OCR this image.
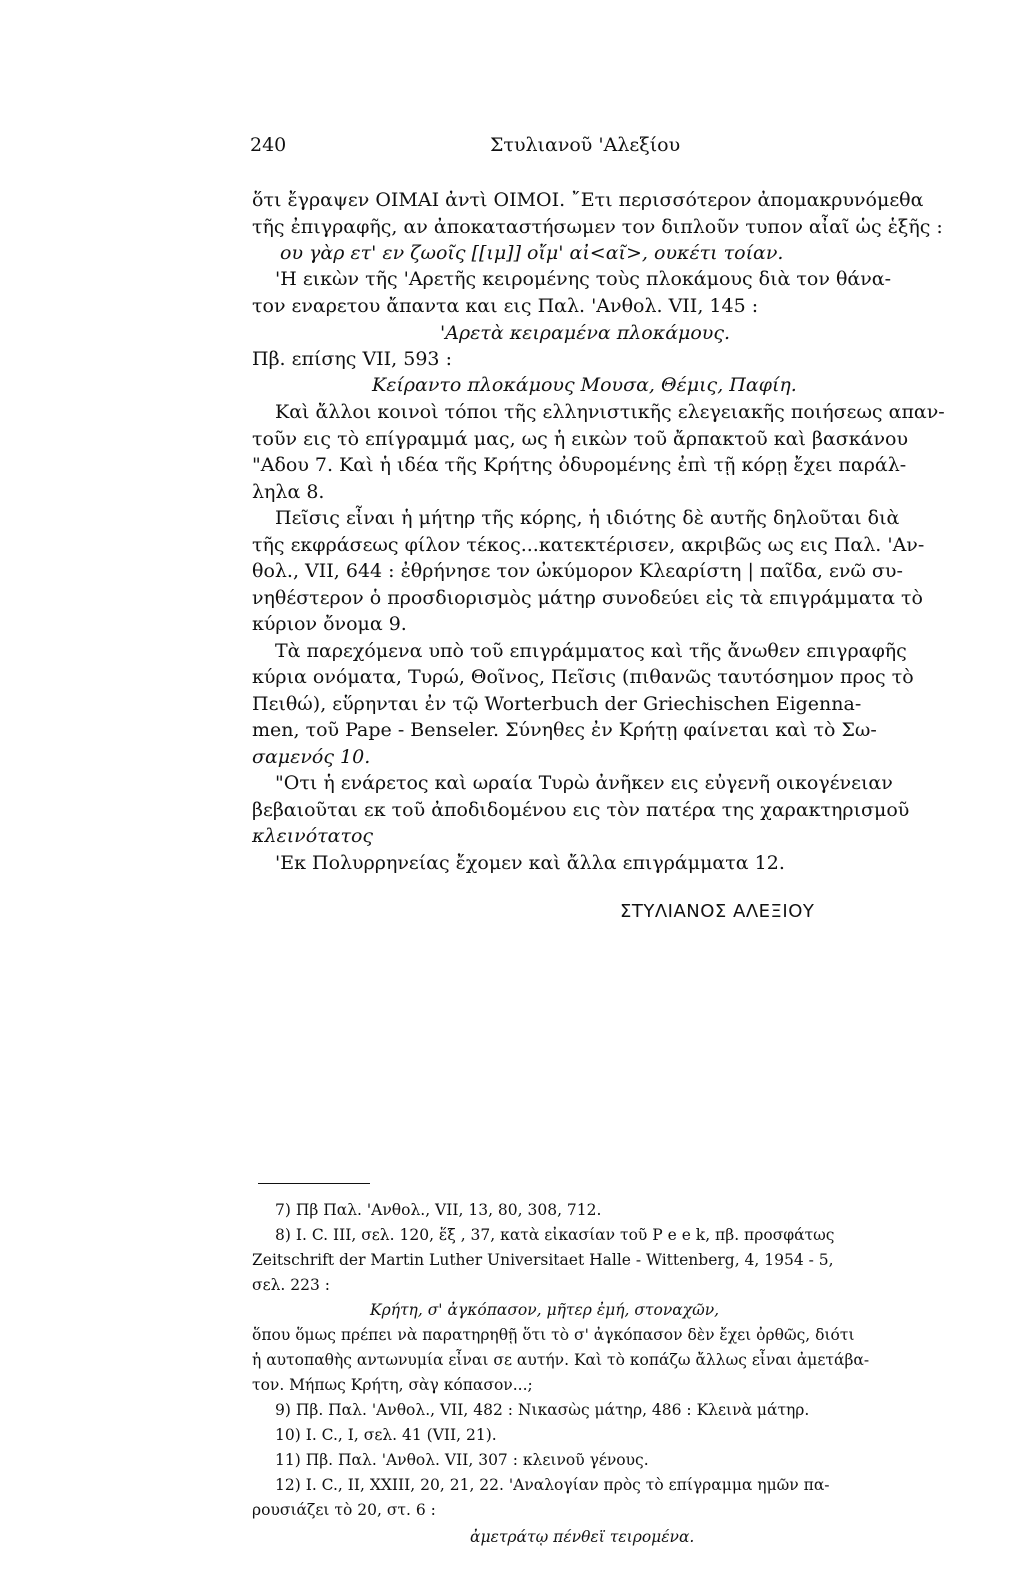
240	Στυλιανοῦ 'Αλεξίου
ὅτι ἔγραψεν ΟΙΜΑΙ ἀντὶ ΟΙΜΟΙ. ῎Ετι περισσότερον ἀπομακρυνόμεθα
τῆς ἐπιγραφῆς, αν ἀποκαταστήσωμεν τον διπλοῦν τυπον αἶαῖ ὡς ἑξῆς :
ου γὰρ ετ' εν ζωοῖς [[ιμ]] οἴμ' αἰ<αῖ>, ουκέτι τοίαν.
'Η εικὼν τῆς 'Αρετῆς κειρομένης τοὺς πλοκάμους διὰ τον θάνα-
τον εναρετου ἄπαντα και εις Παλ. 'Ανθολ. VII, 145 :
'Αρετὰ κειραμένα πλοκάμους.
Πβ. επίσης VII, 593 :
Κείραντο πλοκάμους Μουσα, Θέμις, Παφίη.
Καὶ ἄλλοι κοινοὶ τόποι τῆς ελληνιστικῆς ελεγειακῆς ποιήσεως απαν-
τοῦν εις τὸ επίγραμμά μας, ως ἡ εικὼν τοῦ ἄρπακτοῦ καὶ βασκάνου
"Αδου 7. Καὶ ἡ ιδέα τῆς Κρήτης ὀδυρομένης ἐπὶ τῇ κόρῃ ἔχει παράλ-
ληλα 8.
Πεῖσις εἶναι ἡ μήτηρ τῆς κόρης, ἡ ιδιότης δὲ αυτῆς δηλοῦται διὰ
τῆς εκφράσεως φίλον τέκος...κατεκτέρισεν, ακριβῶς ως εις Παλ. 'Αν-
θολ., VII, 644 : ἐθρήνησε τον ὠκύμορον Κλεαρίστη | παῖδα, ενῶ συ-
νηθέστερον ὁ προσδιορισμὸς μάτηρ συνοδεύει εἰς τὰ επιγράμματα τὸ
κύριον ὄνομα 9.
Τὰ παρεχόμενα υπὸ τοῦ επιγράμματος καὶ τῆς ἄνωθεν επιγραφῆς
κύρια ονόματα, Τυρώ, Θοῖνος, Πεῖσις (πιθανῶς ταυτόσημον προς τὸ
Πειθώ), εὕρηνται ἐν τῷ Worterbuch der Griechischen Eigenna-
men, τοῦ Pape - Benseler. Σύνηθες ἐν Κρήτῃ φαίνεται καὶ τὸ Σω-
σαμενός 10.
"Οτι ἡ ενάρετος καὶ ωραία Τυρὼ ἀνῆκεν εις εὐγενῆ οικογένειαν
βεβαιοῦται εκ τοῦ ἀποδιδομένου εις τὸν πατέρα της χαρακτηρισμοῦ
κλεινότατος
'Εκ Πολυρρηνείας ἔχομεν καὶ ἄλλα επιγράμματα 12.
ΣΤΥΛΙΑΝΟΣ ΑΛΕΞΙΟΥ
7) Πβ Παλ. 'Ανθολ., VII, 13, 80, 308, 712.
8) Ι. C. III, σελ. 120, ἕξ , 37, κατὰ εἰκασίαν τοῦ P e e k, πβ. προσφάτως
Zeitschrift der Martin Luther Universitaet Halle - Wittenberg, 4, 1954 - 5,
σελ. 223 :
Κρήτη, σ' ἀγκόπασον, μῆτερ ἐμή, στοναχῶν,
ὅπου ὅμως πρέπει νὰ παρατηρηθῇ ὅτι τὸ σ' ἀγκόπασον δὲν ἔχει ὀρθῶς, διότι
ἡ αυτοπαθὴς αντωνυμία εἶναι σε αυτήν. Καὶ τὸ κοπάζω ἄλλως εἶναι ἀμετάβα-
τον. Μήπως Κρήτη, σὰγ κόπασον...;
9) Πβ. Παλ. 'Ανθολ., VII, 482 : Νικασὼς μάτηρ, 486 : Κλεινὰ μάτηρ.
10) Ι. C., I, σελ. 41 (VII, 21).
11) Πβ. Παλ. 'Ανθολ. VII, 307 : κλεινοῦ γένους.
12) Ι. C., II, XXIII, 20, 21, 22. 'Αναλογίαν πρὸς τὸ επίγραμμα ημῶν πα-
ρουσιάζει τὸ 20, στ. 6 :
ἀμετράτῳ πένθεϊ τειρομένα.
